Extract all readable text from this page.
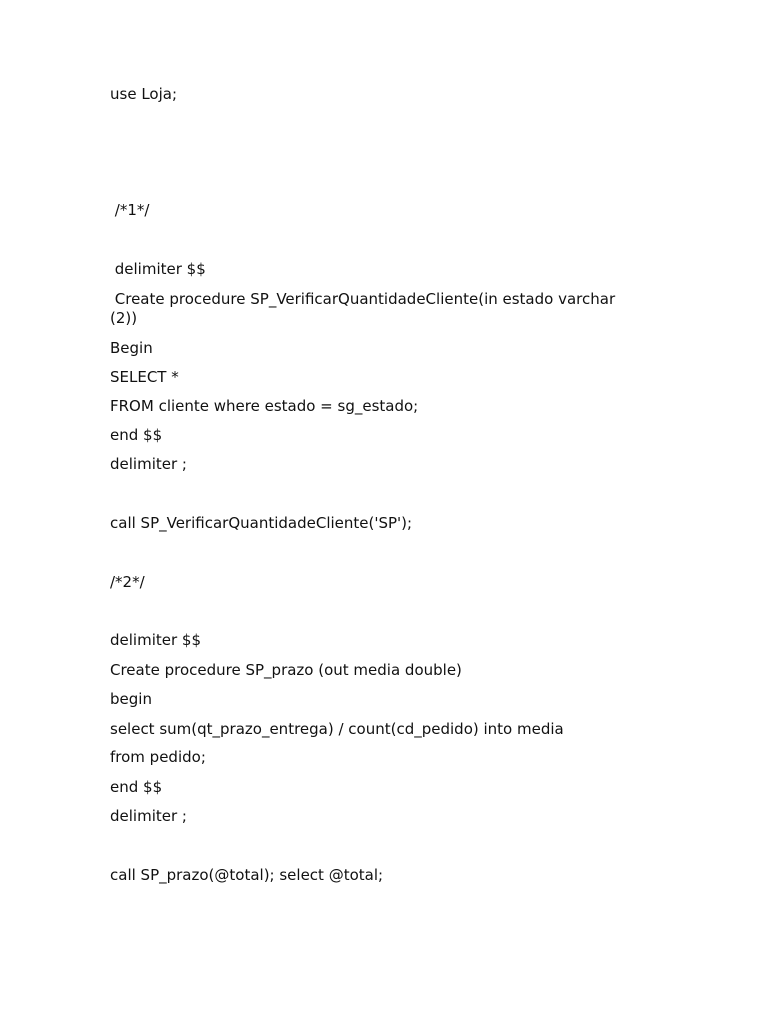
use Loja;
/*1*/
delimiter $$
Create procedure SP_VerificarQuantidadeCliente(in estado varchar
(2))
Begin
SELECT *
FROM cliente where estado = sg_estado;
end $$
delimiter ;
call SP_VerificarQuantidadeCliente('SP');
/*2*/
delimiter $$
Create procedure SP_prazo (out media double)
begin
select sum(qt_prazo_entrega) / count(cd_pedido) into media
from pedido;
end $$
delimiter ;
call SP_prazo(@total); select @total;
